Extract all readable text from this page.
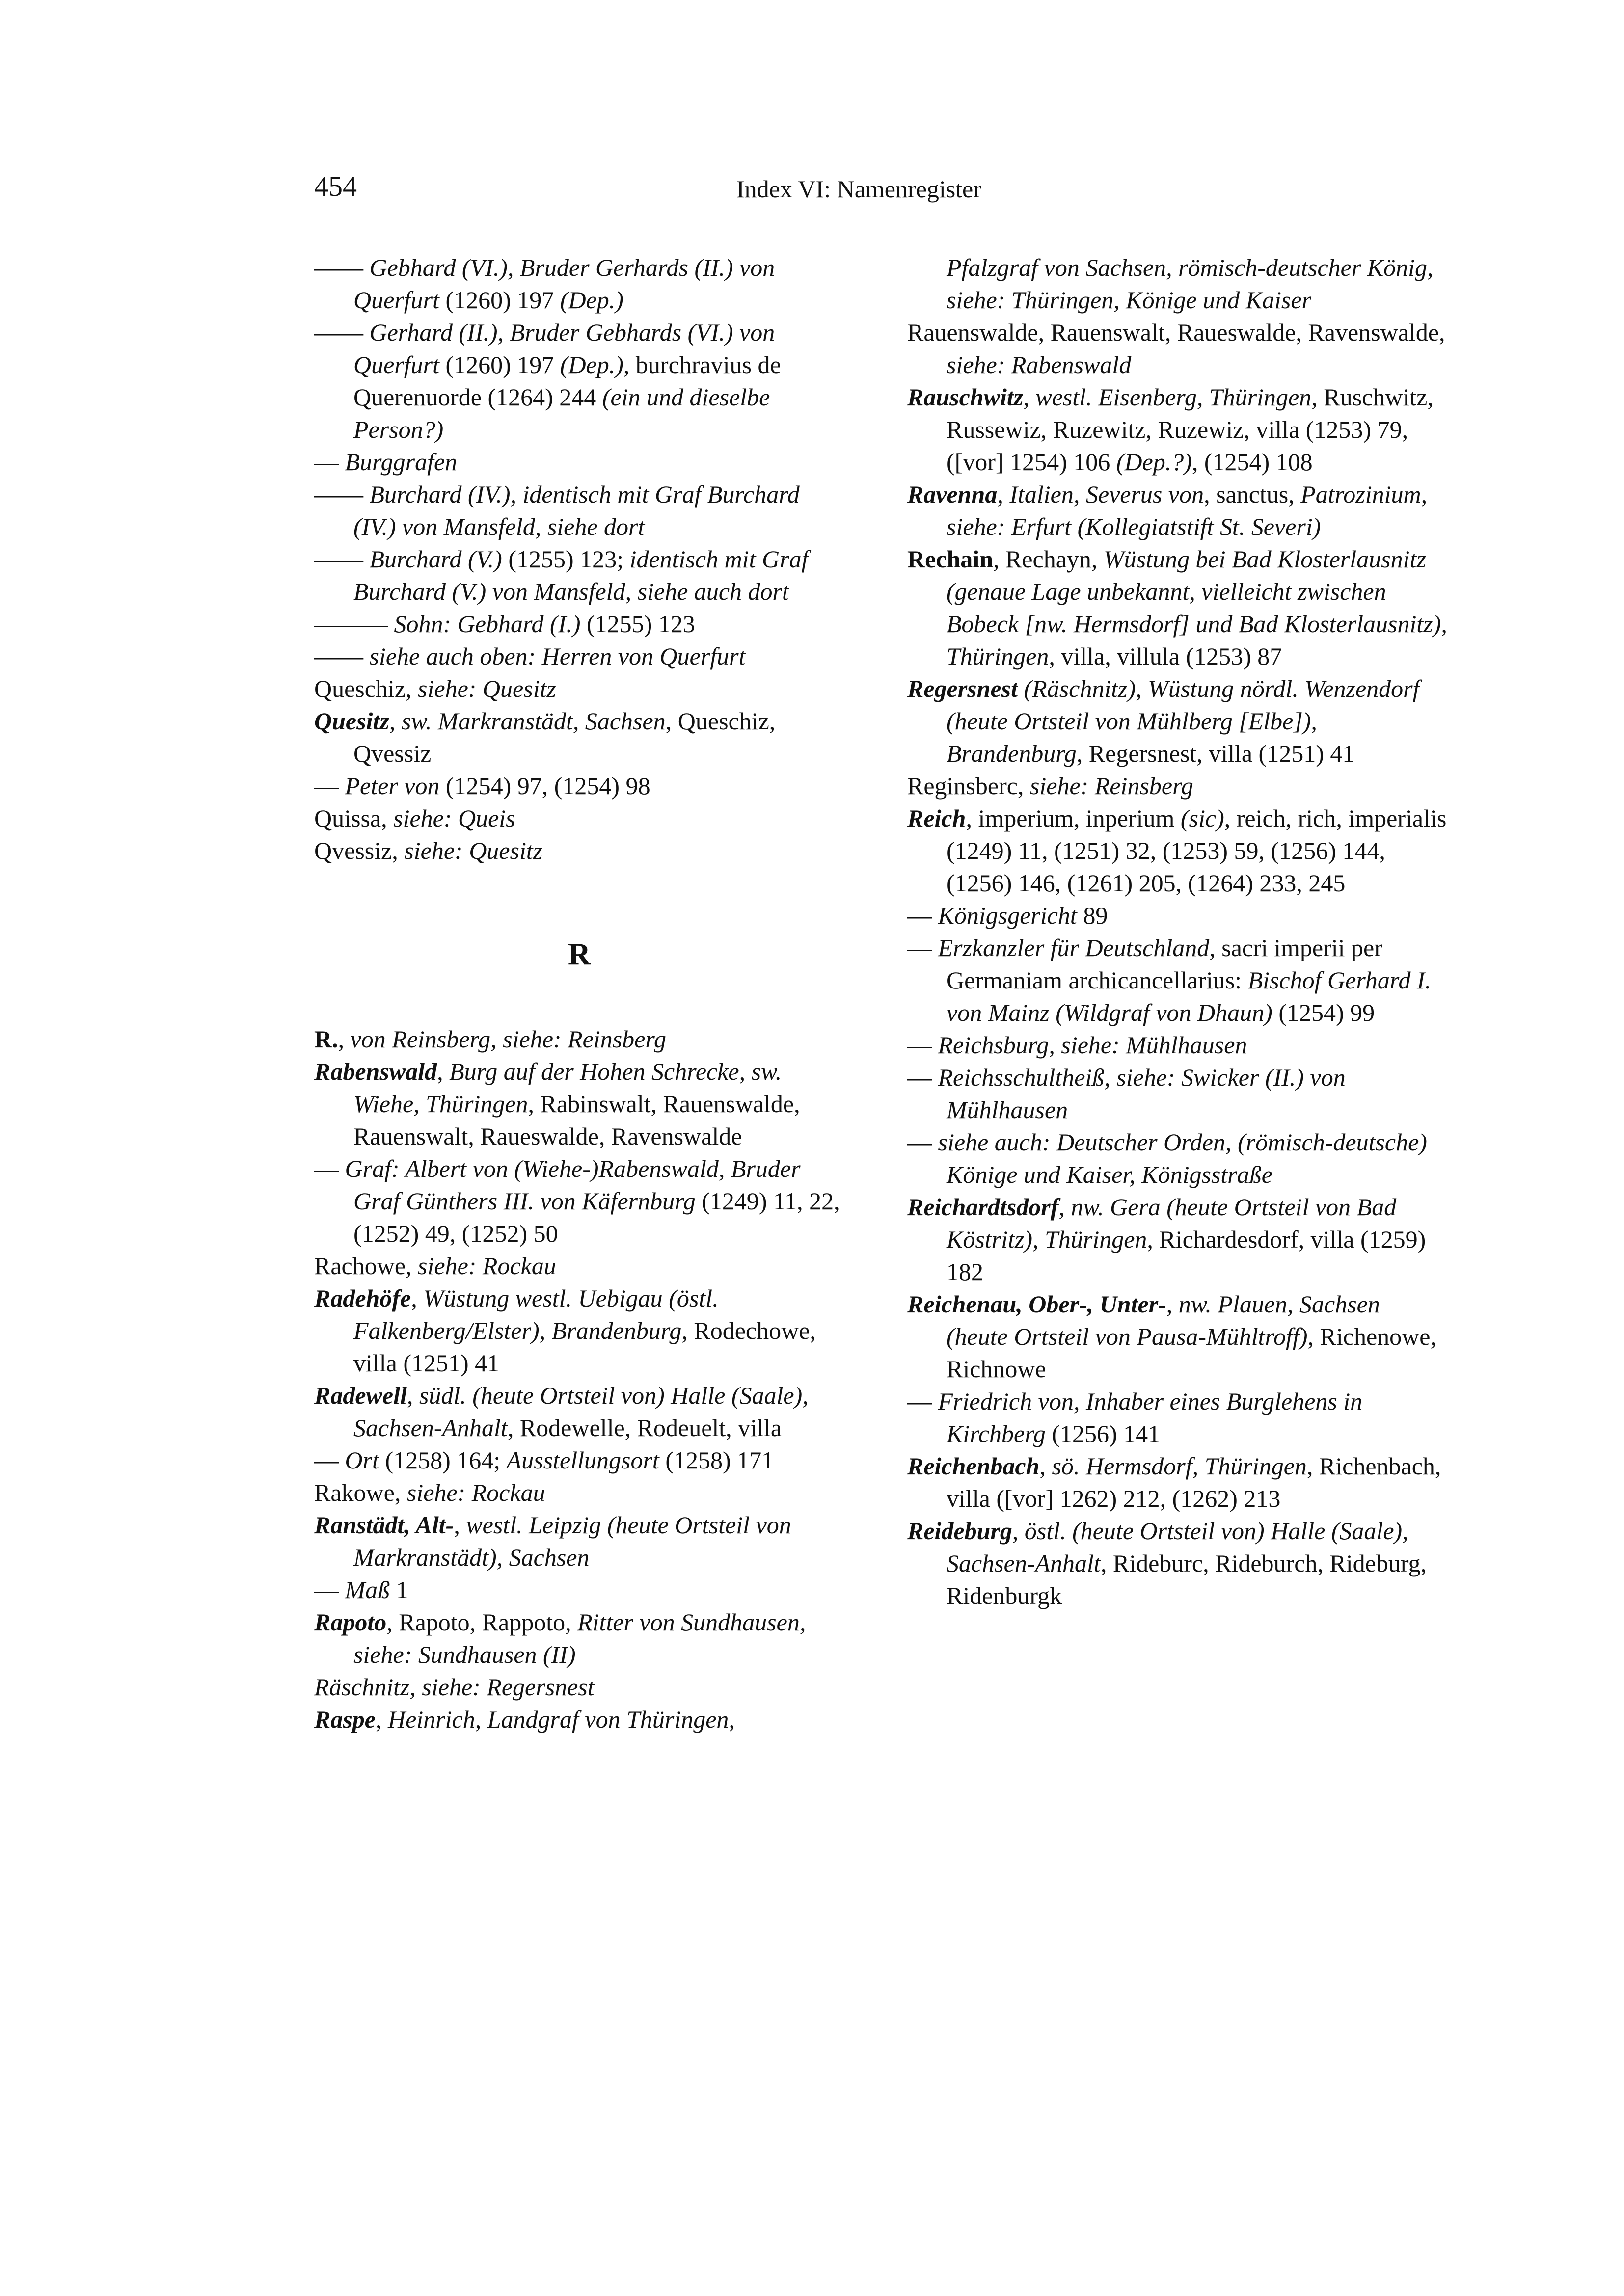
454	Index VI: Namenregister

—— Gebhard (VI.), Bruder Gerhards (II.) von Querfurt (1260) 197 (Dep.)

—— Gerhard (II.), Bruder Gebhards (VI.) von Querfurt (1260) 197 (Dep.), burchravius de Querenuorde (1264) 244 (ein und dieselbe Person?)

— Burggrafen

—— Burchard (IV.), identisch mit Graf Burchard (IV.) von Mansfeld, siehe dort

—— Burchard (V.) (1255) 123; identisch mit Graf Burchard (V.) von Mansfeld, siehe auch dort

——— Sohn: Gebhard (I.) (1255) 123

—— siehe auch oben: Herren von Querfurt

Queschiz, siehe: Quesitz

Quesitz, sw. Markranstädt, Sachsen, Queschiz, Qvessiz

— Peter von (1254) 97, (1254) 98

Quissa, siehe: Queis

Qvessiz, siehe: Quesitz

R

R., von Reinsberg, siehe: Reinsberg

Rabenswald, Burg auf der Hohen Schrecke, sw. Wiehe, Thüringen, Rabinswalt, Rauenswalde, Rauenswalt, Raueswalde, Ravenswalde

— Graf: Albert von (Wiehe-)Rabenswald, Bruder Graf Günthers III. von Käfernburg (1249) 11, 22, (1252) 49, (1252) 50

Rachowe, siehe: Rockau

Radehöfe, Wüstung westl. Uebigau (östl. Falkenberg/Elster), Brandenburg, Rodechowe, villa (1251) 41

Radewell, südl. (heute Ortsteil von) Halle (Saale), Sachsen-Anhalt, Rodewelle, Rodeuelt, villa

— Ort (1258) 164; Ausstellungsort (1258) 171

Rakowe, siehe: Rockau

Ranstädt, Alt-, westl. Leipzig (heute Ortsteil von Markranstädt), Sachsen

— Maß 1

Rapoto, Rapoto, Rappoto, Ritter von Sundhausen, siehe: Sundhausen (II)

Räschnitz, siehe: Regersnest

Raspe, Heinrich, Landgraf von Thüringen,

Pfalzgraf von Sachsen, römisch-deutscher König, siehe: Thüringen, Könige und Kaiser

Rauenswalde, Rauenswalt, Raueswalde, Ravenswalde, siehe: Rabenswald

Rauschwitz, westl. Eisenberg, Thüringen, Ruschwitz, Russewiz, Ruzewitz, Ruzewiz, villa (1253) 79, ([vor] 1254) 106 (Dep.?), (1254) 108

Ravenna, Italien, Severus von, sanctus, Patrozinium, siehe: Erfurt (Kollegiatstift St. Severi)

Rechain, Rechayn, Wüstung bei Bad Klosterlausnitz (genaue Lage unbekannt, vielleicht zwischen Bobeck [nw. Hermsdorf] und Bad Klosterlausnitz), Thüringen, villa, villula (1253) 87

Regersnest (Räschnitz), Wüstung nördl. Wenzendorf (heute Ortsteil von Mühlberg [Elbe]), Brandenburg, Regersnest, villa (1251) 41

Reginsberc, siehe: Reinsberg

Reich, imperium, inperium (sic), reich, rich, imperialis (1249) 11, (1251) 32, (1253) 59, (1256) 144, (1256) 146, (1261) 205, (1264) 233, 245

— Königsgericht 89

— Erzkanzler für Deutschland, sacri imperii per Germaniam archicancellarius: Bischof Gerhard I. von Mainz (Wildgraf von Dhaun) (1254) 99

— Reichsburg, siehe: Mühlhausen

— Reichsschultheiß, siehe: Swicker (II.) von Mühlhausen

— siehe auch: Deutscher Orden, (römisch-deutsche) Könige und Kaiser, Königsstraße

Reichardtsdorf, nw. Gera (heute Ortsteil von Bad Köstritz), Thüringen, Richardesdorf, villa (1259) 182

Reichenau, Ober-, Unter-, nw. Plauen, Sachsen (heute Ortsteil von Pausa-Mühltroff), Richenowe, Richnowe

— Friedrich von, Inhaber eines Burglehens in Kirchberg (1256) 141

Reichenbach, sö. Hermsdorf, Thüringen, Richenbach, villa ([vor] 1262) 212, (1262) 213

Reideburg, östl. (heute Ortsteil von) Halle (Saale), Sachsen-Anhalt, Rideburc, Rideburch, Rideburg, Ridenburgk
